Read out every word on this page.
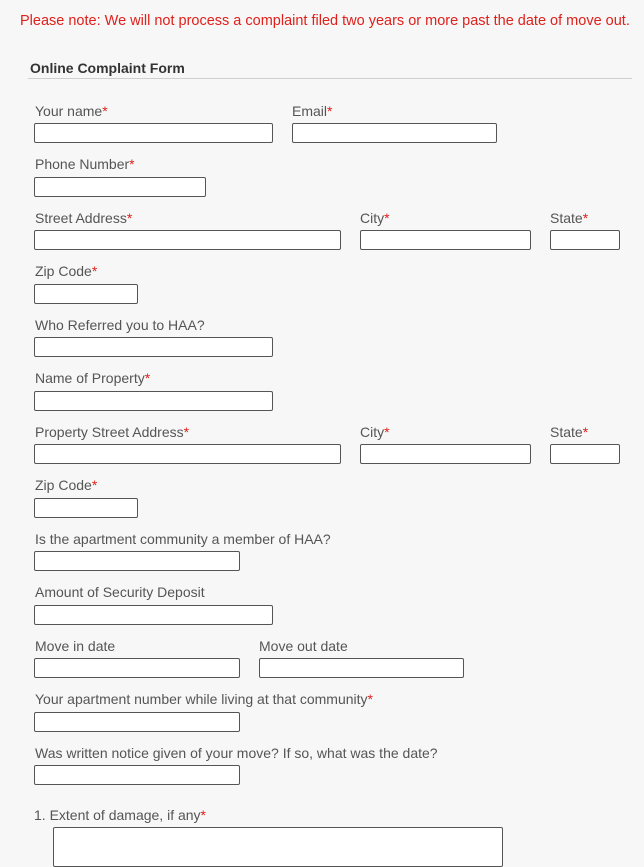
Please note: We will not process a complaint filed two years or more past the date of move out.
Online Complaint Form
Your name*	Email*
Phone Number*
Street Address*	City*	State*
Zip Code*
Who Referred you to HAA?
Name of Property*
Property Street Address*	City*	State*
Zip Code*
Is the apartment community a member of HAA?
Amount of Security Deposit
Move in date	Move out date
Your apartment number while living at that community*
Was written notice given of your move? If so, what was the date?
1. Extent of damage, if any*
